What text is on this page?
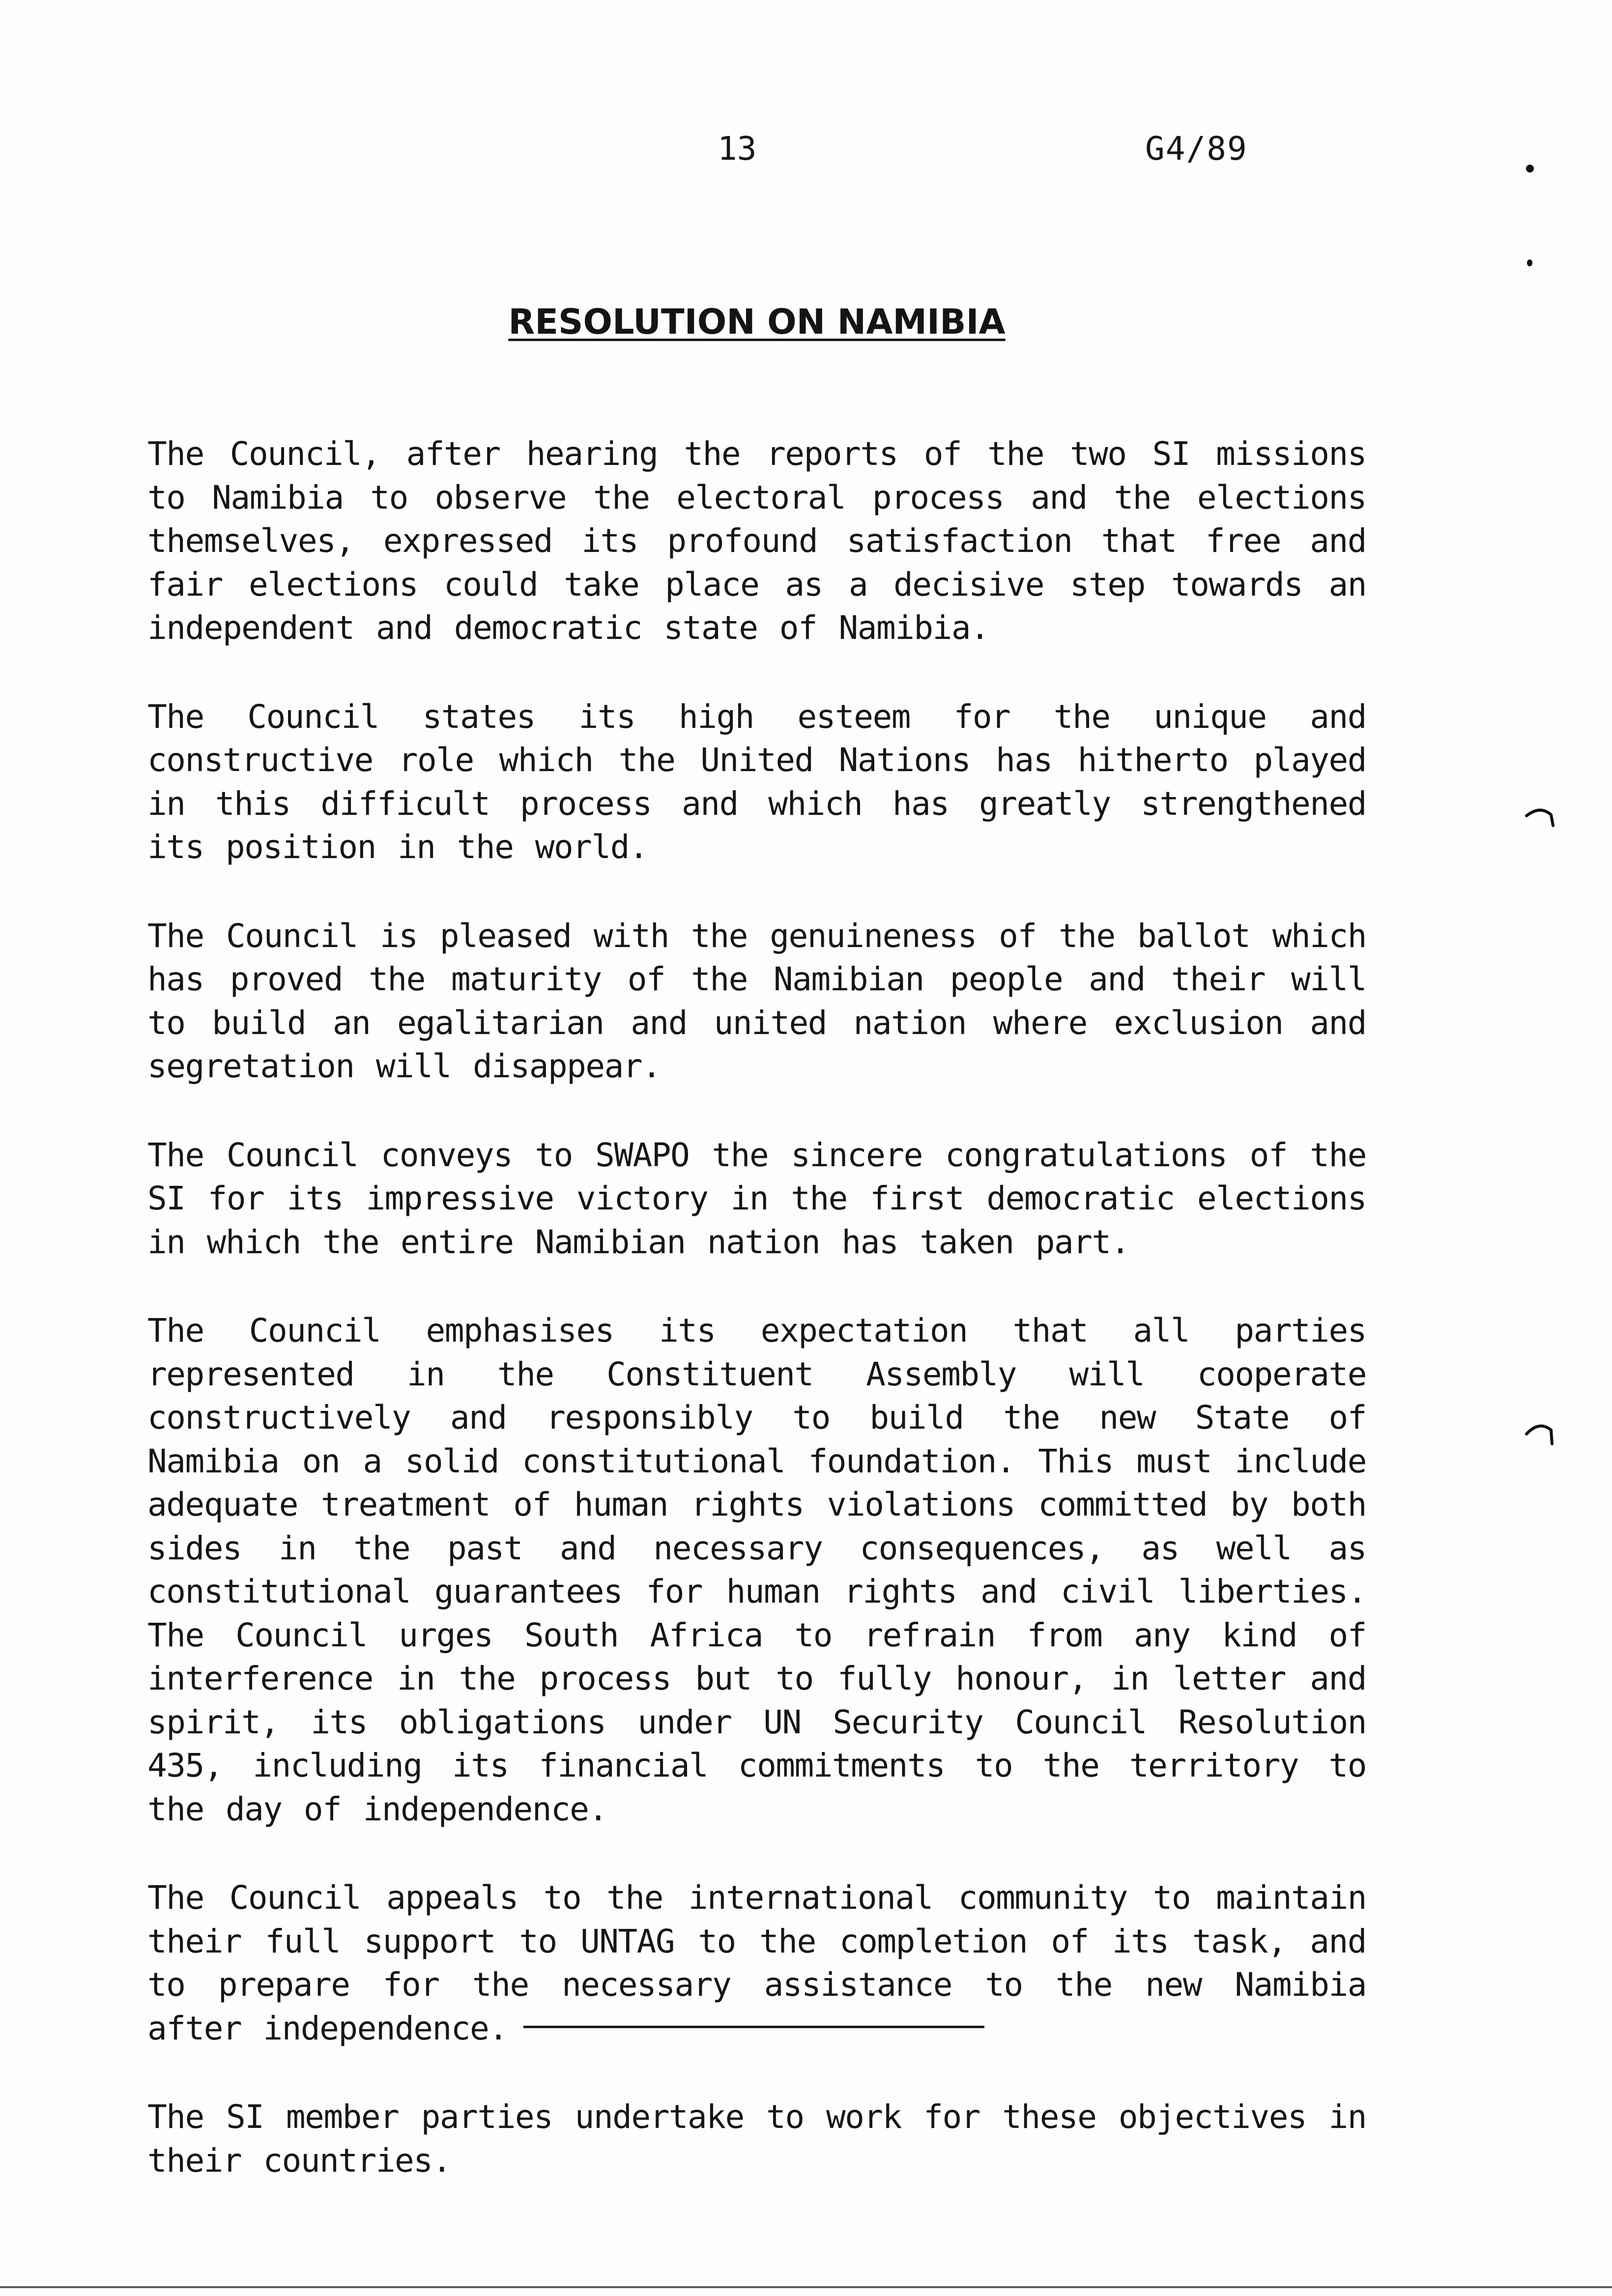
13	G4/89
RESOLUTION ON NAMIBIA

The Council, after hearing the reports of the two SI missions to Namibia to observe the electoral process and the elections themselves, expressed its profound satisfaction that free and fair elections could take place as a decisive step towards an independent and democratic state of Namibia.

The Council states its high esteem for the unique and constructive role which the United Nations has hitherto played in this difficult process and which has greatly strengthened its position in the world.

The Council is pleased with the genuineness of the ballot which has proved the maturity of the Namibian people and their will to build an egalitarian and united nation where exclusion and segretation will disappear.

The Council conveys to SWAPO the sincere congratulations of the SI for its impressive victory in the first democratic elections in which the entire Namibian nation has taken part.

The Council emphasises its expectation that all parties represented in the Constituent Assembly will cooperate constructively and responsibly to build the new State of Namibia on a solid constitutional foundation. This must include adequate treatment of human rights violations committed by both sides in the past and necessary consequences, as well as constitutional guarantees for human rights and civil liberties. The Council urges South Africa to refrain from any kind of interference in the process but to fully honour, in letter and spirit, its obligations under UN Security Council Resolution 435, including its financial commitments to the territory to the day of independence.

The Council appeals to the international community to maintain their full support to UNTAG to the completion of its task, and to prepare for the necessary assistance to the new Namibia after independence.

The SI member parties undertake to work for these objectives in their countries.
